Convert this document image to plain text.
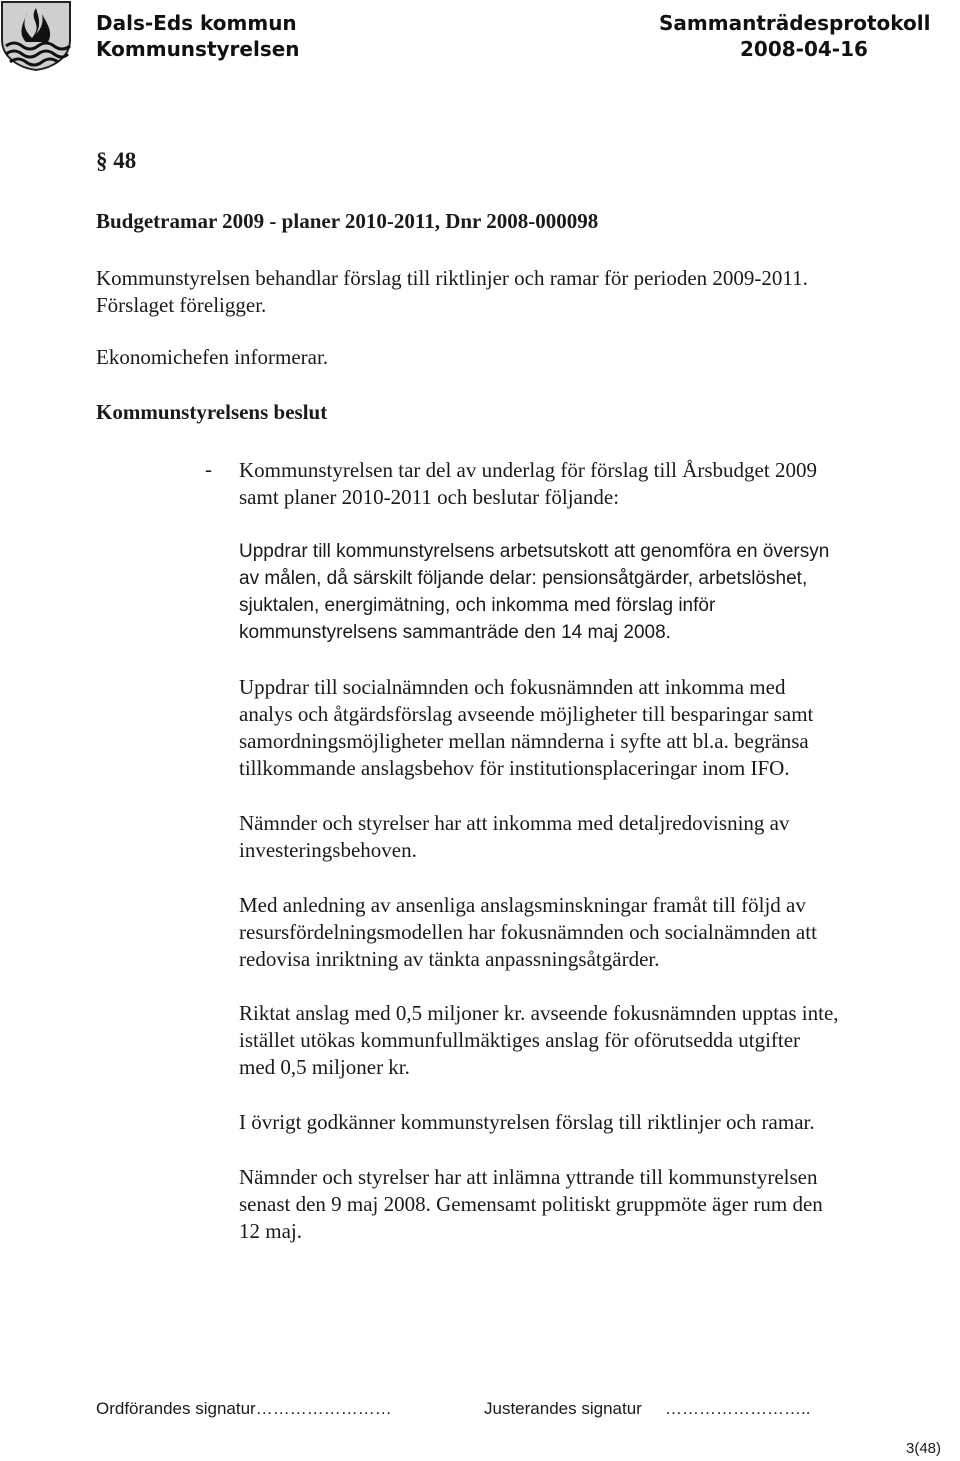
Dals-Eds kommun
Kommunstyrelsen
Sammanträdesprotokoll
2008-04-16
§ 48
Budgetramar 2009 - planer 2010-2011, Dnr 2008-000098
Kommunstyrelsen behandlar förslag till riktlinjer och ramar för perioden 2009-2011.
Förslaget föreligger.
Ekonomichefen informerar.
Kommunstyrelsens beslut
- Kommunstyrelsen tar del av underlag för förslag till Årsbudget 2009
samt planer 2010-2011 och beslutar följande:
Uppdrar till kommunstyrelsens arbetsutskott att genomföra en översyn
av målen, då särskilt följande delar: pensionsåtgärder, arbetslöshet,
sjuktalen, energimätning, och inkomma med förslag inför
kommunstyrelsens sammanträde den 14 maj 2008.
Uppdrar till socialnämnden och fokusnämnden att inkomma med
analys och åtgärdsförslag avseende möjligheter till besparingar samt
samordningsmöjligheter mellan nämnderna i syfte att bl.a. begränsa
tillkommande anslagsbehov för institutionsplaceringar inom IFO.
Nämnder och styrelser har att inkomma med detaljredovisning av
investeringsbehoven.
Med anledning av ansenliga anslagsminskningar framåt till följd av
resursfördelningsmodellen har fokusnämnden och socialnämnden att
redovisa inriktning av tänkta anpassningsåtgärder.
Riktat anslag med 0,5 miljoner kr. avseende fokusnämnden upptas inte,
istället utökas kommunfullmäktiges anslag för oförutsedda utgifter
med 0,5 miljoner kr.
I övrigt godkänner kommunstyrelsen förslag till riktlinjer och ramar.
Nämnder och styrelser har att inlämna yttrande till kommunstyrelsen
senast den 9 maj 2008. Gemensamt politiskt gruppmöte äger rum den
12 maj.
Ordförandes signatur……………………	Justerandes signatur ……………………..
3(48)
